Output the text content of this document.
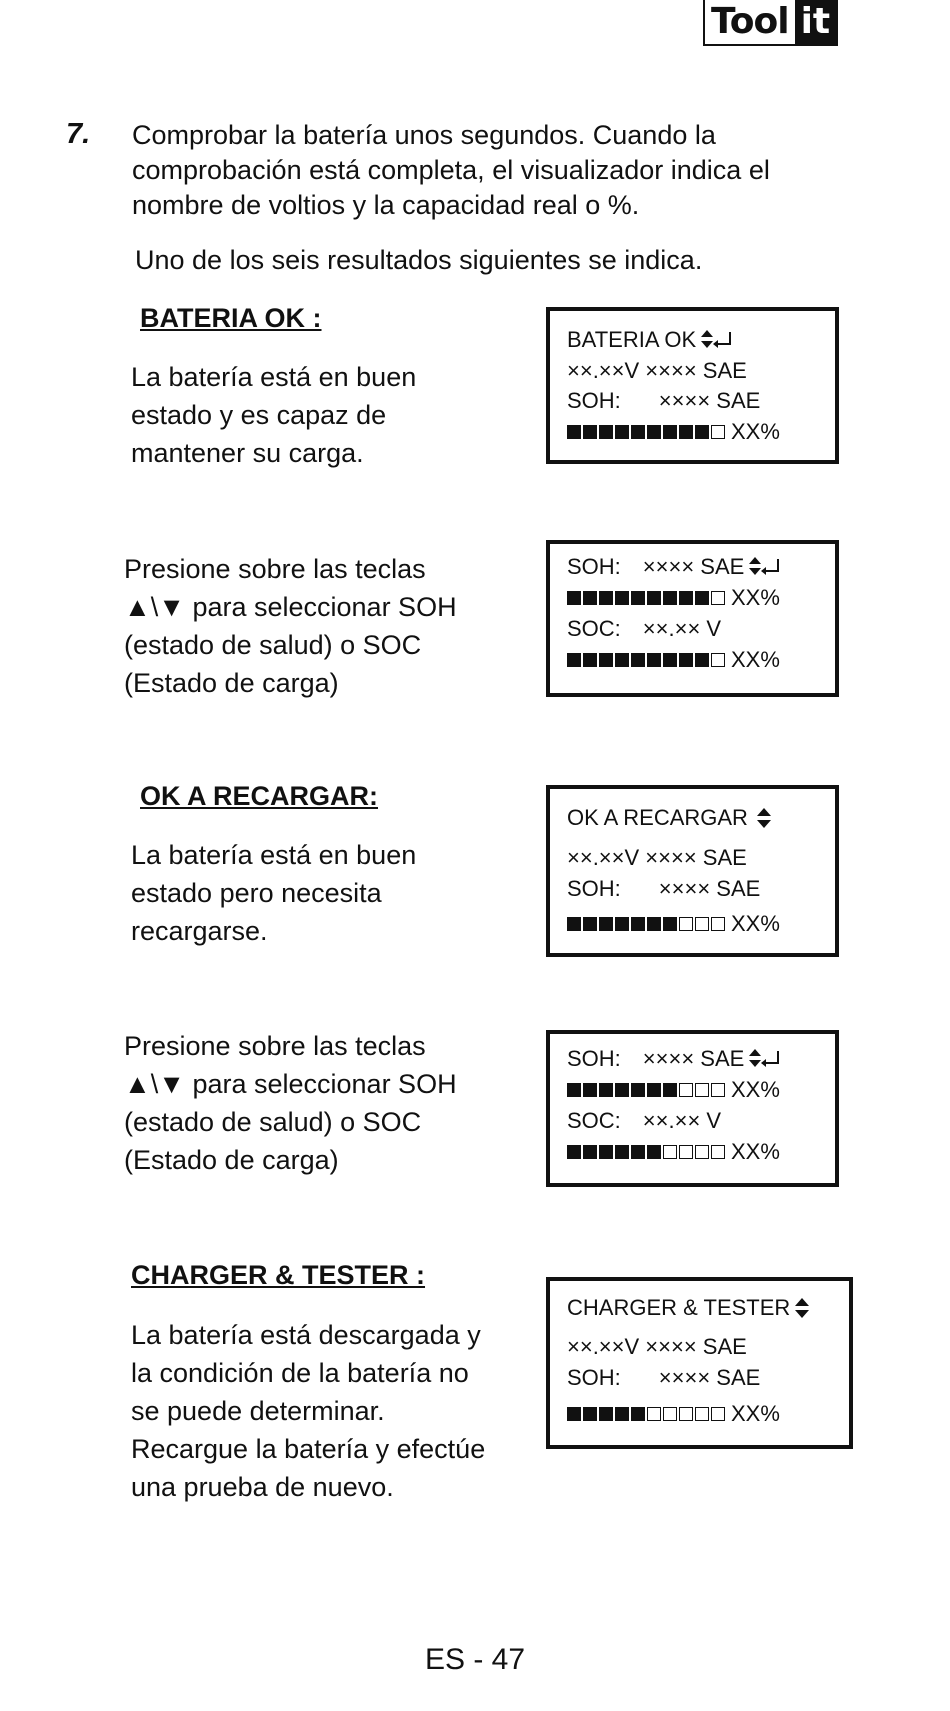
Tool it
7. Comprobar la batería unos segundos. Cuando la comprobación está completa, el visualizador indica el nombre de voltios y la capacidad real o %.
Uno de los seis resultados siguientes se indica.
BATERIA OK :
La batería está en buen
estado y es capaz de
mantener su carga.
BATERIA OK
××.××V ×××× SAE
SOH: ×××× SAE
XX%
Presione sobre las teclas
▲\▼ para seleccionar SOH
(estado de salud) o SOC
(Estado de carga)
SOH: ×××× SAE
XX%
SOC: ××.×× V
XX%
OK A RECARGAR:
La batería está en buen
estado pero necesita
recargarse.
OK A RECARGAR
××.××V ×××× SAE
SOH: ×××× SAE
XX%
Presione sobre las teclas
▲\▼ para seleccionar SOH
(estado de salud) o SOC
(Estado de carga)
SOH: ×××× SAE
XX%
SOC: ××.×× V
XX%
CHARGER & TESTER :
La batería está descargada y
la condición de la batería no
se puede determinar.
Recargue la batería y efectúe
una prueba de nuevo.
CHARGER & TESTER
××.××V ×××× SAE
SOH: ×××× SAE
XX%
ES - 47
